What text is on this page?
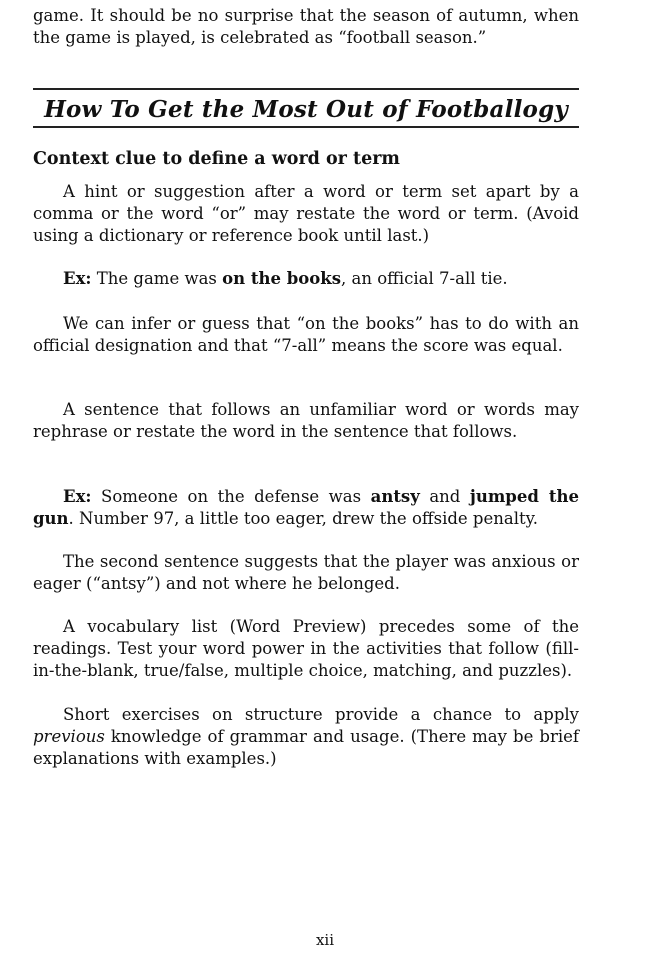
game. It should be no surprise that the season of autumn, when the game is played, is celebrated as “football season.”

How To Get the Most Out of Footballogy
Context clue to define a word or term

A hint or suggestion after a word or term set apart by a comma or the word “or” may restate the word or term. (Avoid using a dictionary or reference book until last.)

Ex: The game was on the books, an official 7-all tie.

We can infer or guess that “on the books” has to do with an official designation and that “7-all” means the score was equal.

A sentence that follows an unfamiliar word or words may rephrase or restate the word in the sentence that follows.

Ex: Someone on the defense was antsy and jumped the gun. Number 97, a little too eager, drew the offside penalty.

The second sentence suggests that the player was anxious or eager (“antsy”) and not where he belonged.

A vocabulary list (Word Preview) precedes some of the readings. Test your word power in the activities that follow (fill-in-the-blank, true/false, multiple choice, matching, and puzzles).

Short exercises on structure provide a chance to apply previous knowledge of grammar and usage. (There may be brief explanations with examples.)

xii
